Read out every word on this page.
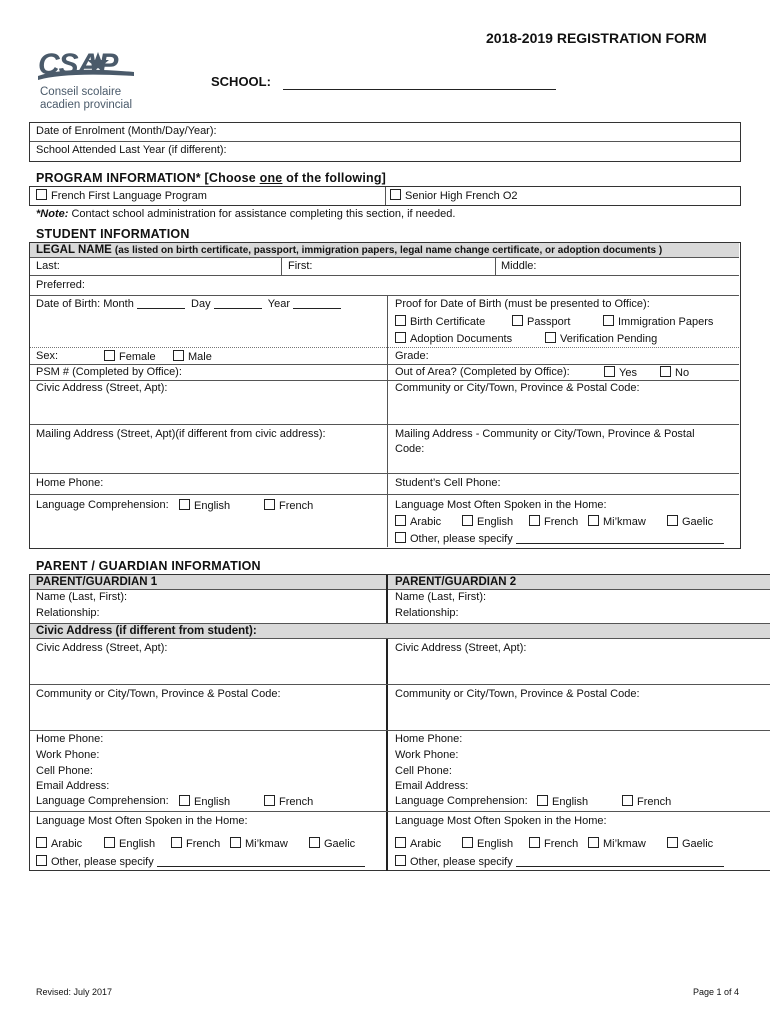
CSAP
Conseil scolaire
acadien provincial
2018-2019 REGISTRATION FORM
SCHOOL:
Date of Enrolment (Month/Day/Year):
School Attended Last Year (if different):
PROGRAM INFORMATION* [Choose one of the following]
French First Language Program	Senior High French O2
*Note: Contact school administration for assistance completing this section, if needed.
STUDENT INFORMATION
LEGAL NAME (as listed on birth certificate, passport, immigration papers, legal name change certificate, or adoption documents )
Last:	First:	Middle:
Preferred:
Date of Birth: Month	Day	Year	Proof for Date of Birth (must be presented to Office):
Birth Certificate	Passport	Immigration Papers
Adoption Documents	Verification Pending
Sex:	Female	Male	Grade:
PSM # (Completed by Office):	Out of Area? (Completed by Office):	Yes	No
Civic Address (Street, Apt):	Community or City/Town, Province & Postal Code:
Mailing Address (Street, Apt)(if different from civic address):	Mailing Address - Community or City/Town, Province & Postal
Code:
Home Phone:	Student’s Cell Phone:
Language Comprehension:	English	French	Language Most Often Spoken in the Home:
Arabic	English	French	Mi’kmaw	Gaelic
Other, please specify
PARENT / GUARDIAN INFORMATION
PARENT/GUARDIAN 1	PARENT/GUARDIAN 2
Name (Last, First):	Name (Last, First):
Relationship:	Relationship:
Civic Address (if different from student):
Civic Address (Street, Apt):	Civic Address (Street, Apt):
Community or City/Town, Province & Postal Code:	Community or City/Town, Province & Postal Code:
Home Phone:	Home Phone:
Work Phone:	Work Phone:
Cell Phone:	Cell Phone:
Email Address:	Email Address:
Language Comprehension:	English	French	Language Comprehension:	English	French
Language Most Often Spoken in the Home:	Language Most Often Spoken in the Home:
Arabic	English	French	Mi’kmaw	Gaelic
Other, please specify
Arabic	English	French	Mi’kmaw	Gaelic
Other, please specify
Revised: July 2017	Page 1 of 4
